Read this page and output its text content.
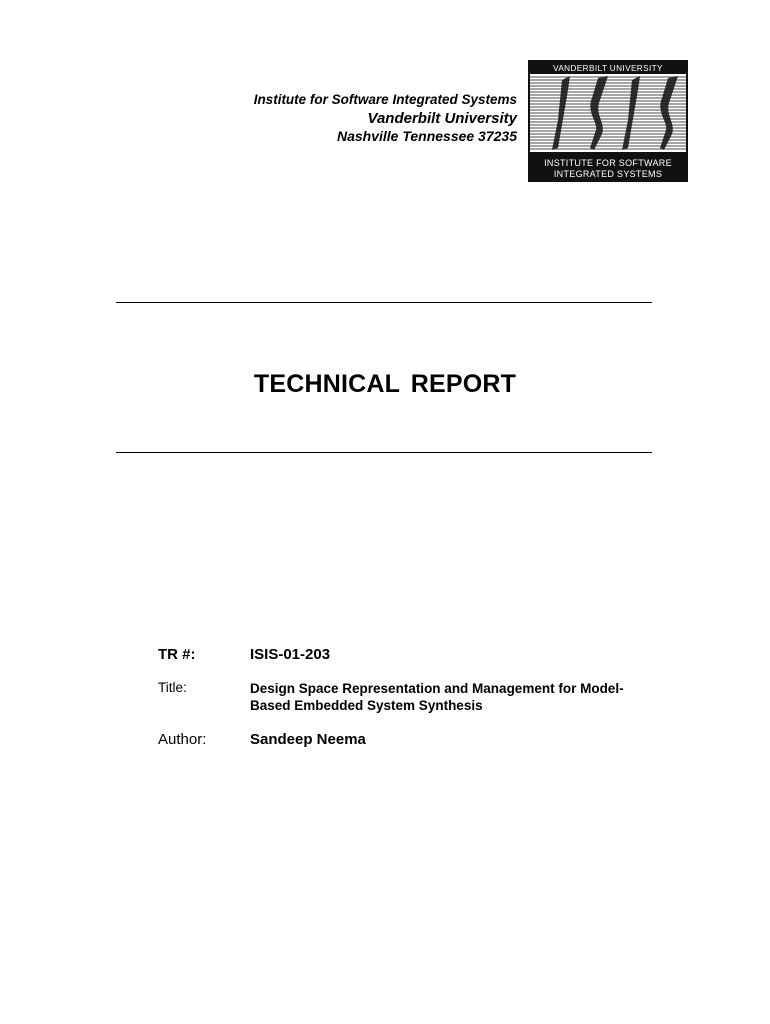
Institute for Software Integrated Systems
Vanderbilt University
Nashville Tennessee 37235
VANDERBILT UNIVERSITY
INSTITUTE FOR SOFTWARE
INTEGRATED SYSTEMS
TECHNICAL REPORT
TR #:	ISIS-01-203
Title:	Design Space Representation and Management for Model-Based Embedded System Synthesis
Author:	Sandeep Neema
